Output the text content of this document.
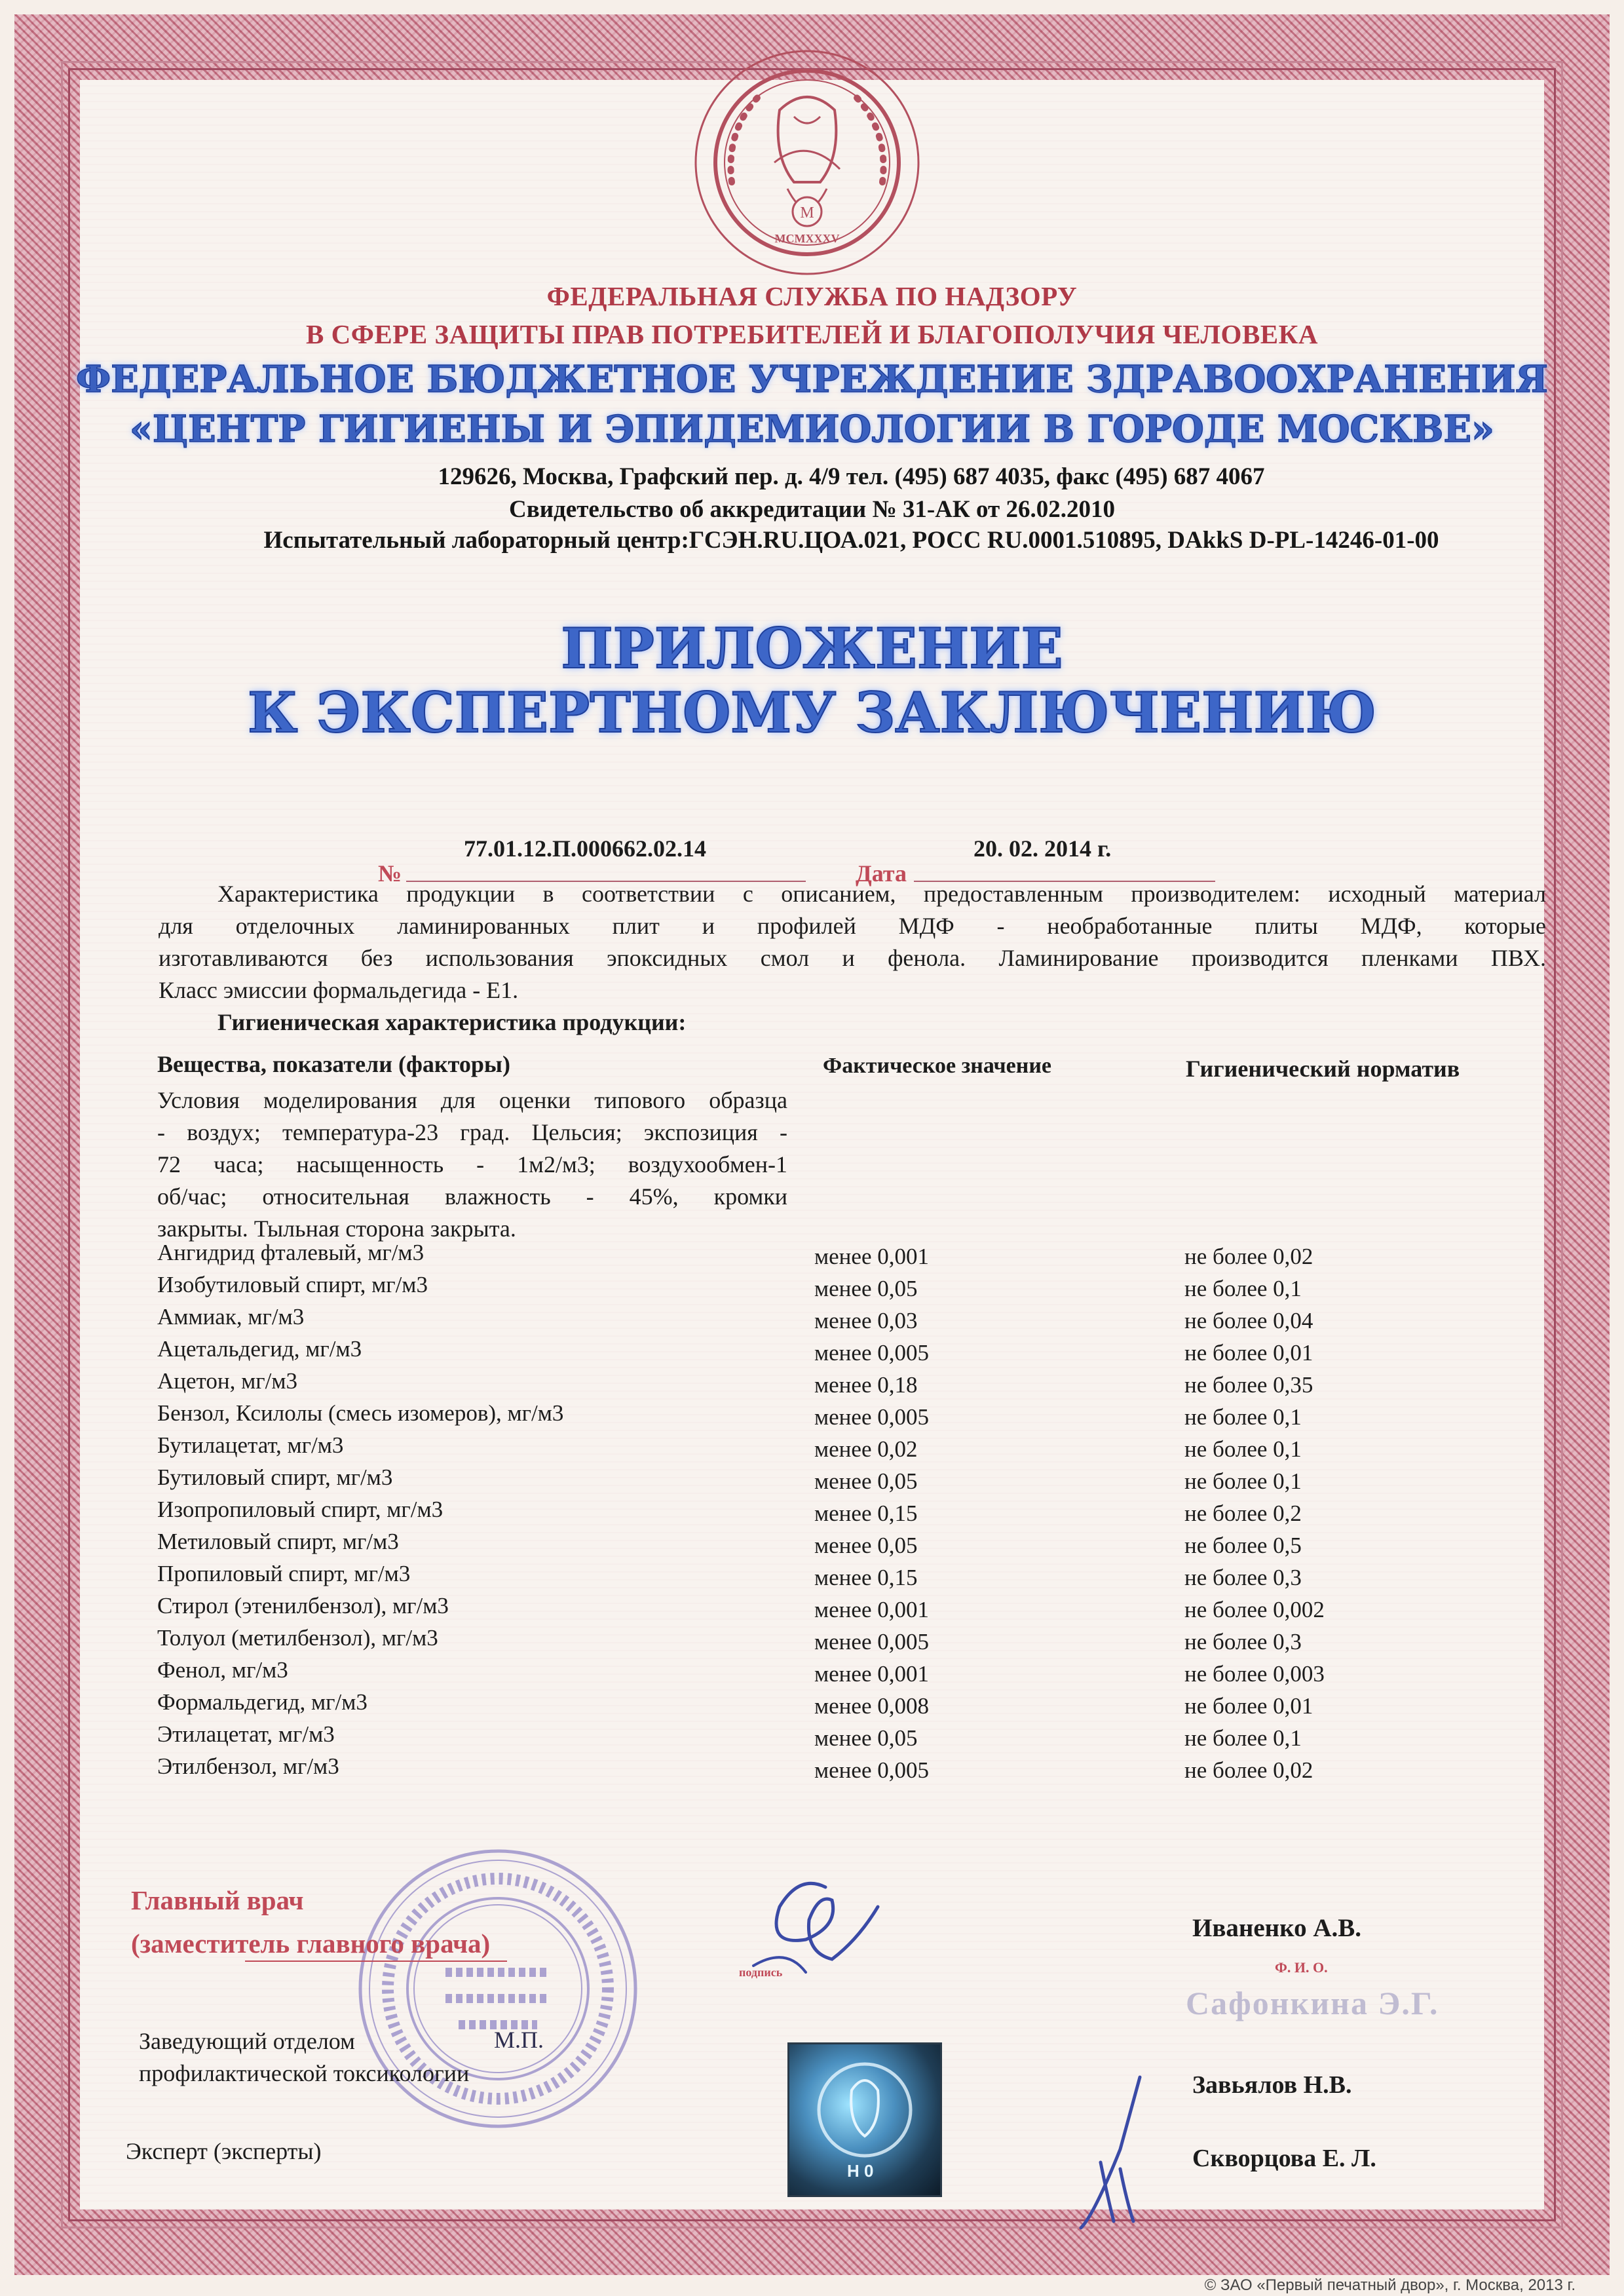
M
MCMXXXV
ФЕДЕРАЛЬНАЯ СЛУЖБА ПО НАДЗОРУ
В СФЕРЕ ЗАЩИТЫ ПРАВ ПОТРЕБИТЕЛЕЙ И БЛАГОПОЛУЧИЯ ЧЕЛОВЕКА
ФЕДЕРАЛЬНОЕ БЮДЖЕТНОЕ УЧРЕЖДЕНИЕ ЗДРАВООХРАНЕНИЯ
«ЦЕНТР ГИГИЕНЫ И ЭПИДЕМИОЛОГИИ В ГОРОДЕ МОСКВЕ»
129626, Москва, Графский пер. д. 4/9 тел. (495) 687 4035, факс (495) 687 4067
Свидетельство об аккредитации № 31-АК от 26.02.2010
Испытательный лабораторный центр:ГСЭН.RU.ЦОА.021, РОСС RU.0001.510895, DAkkS D-PL-14246-01-00
ПРИЛОЖЕНИЕ
К ЭКСПЕРТНОМУ ЗАКЛЮЧЕНИЮ
77.01.12.П.000662.02.14	20. 02. 2014 г.
№	Дата
Характеристика продукции в соответствии с описанием, предоставленным производителем: исходный материал
для отделочных ламинированных плит и профилей МДФ - необработанные плиты МДФ, которые
изготавливаются без использования эпоксидных смол и фенола. Ламинирование производится пленками ПВХ.
Класс эмиссии формальдегида - Е1.
Гигиеническая характеристика продукции:
Вещества, показатели (факторы)	Фактическое значение	Гигиенический норматив
Условия моделирования для оценки типового образца
- воздух; температура-23 град. Цельсия; экспозиция -
72 часа; насыщенность - 1м2/м3; воздухообмен-1
об/час; относительная влажность - 45%, кромки
закрыты. Тыльная сторона закрыта.
Ангидрид фталевый, мг/м3	менее 0,001	не более 0,02
Изобутиловый спирт, мг/м3	менее 0,05	не более 0,1
Аммиак, мг/м3	менее 0,03	не более 0,04
Ацетальдегид, мг/м3	менее 0,005	не более 0,01
Ацетон, мг/м3	менее 0,18	не более 0,35
Бензол, Ксилолы (смесь изомеров), мг/м3	менее 0,005	не более 0,1
Бутилацетат, мг/м3	менее 0,02	не более 0,1
Бутиловый спирт, мг/м3	менее 0,05	не более 0,1
Изопропиловый спирт, мг/м3	менее 0,15	не более 0,2
Метиловый спирт, мг/м3	менее 0,05	не более 0,5
Пропиловый спирт, мг/м3	менее 0,15	не более 0,3
Стирол (этенилбензол), мг/м3	менее 0,001	не более 0,002
Толуол (метилбензол), мг/м3	менее 0,005	не более 0,3
Фенол, мг/м3	менее 0,001	не более 0,003
Формальдегид, мг/м3	менее 0,008	не более 0,01
Этилацетат, мг/м3	менее 0,05	не более 0,1
Этилбензол, мг/м3	менее 0,005	не более 0,02
Главный врач
(заместитель главного врача)
подпись	Ф. И. О.
М.П.
Иваненко А.В.
Сафонкина Э.Г.
Заведующий отделом
профилактической токсикологии	Завьялов Н.В.
Н 0
Эксперт (эксперты)	Скворцова Е. Л.
© ЗАО «Первый печатный двор», г. Москва, 2013 г.
